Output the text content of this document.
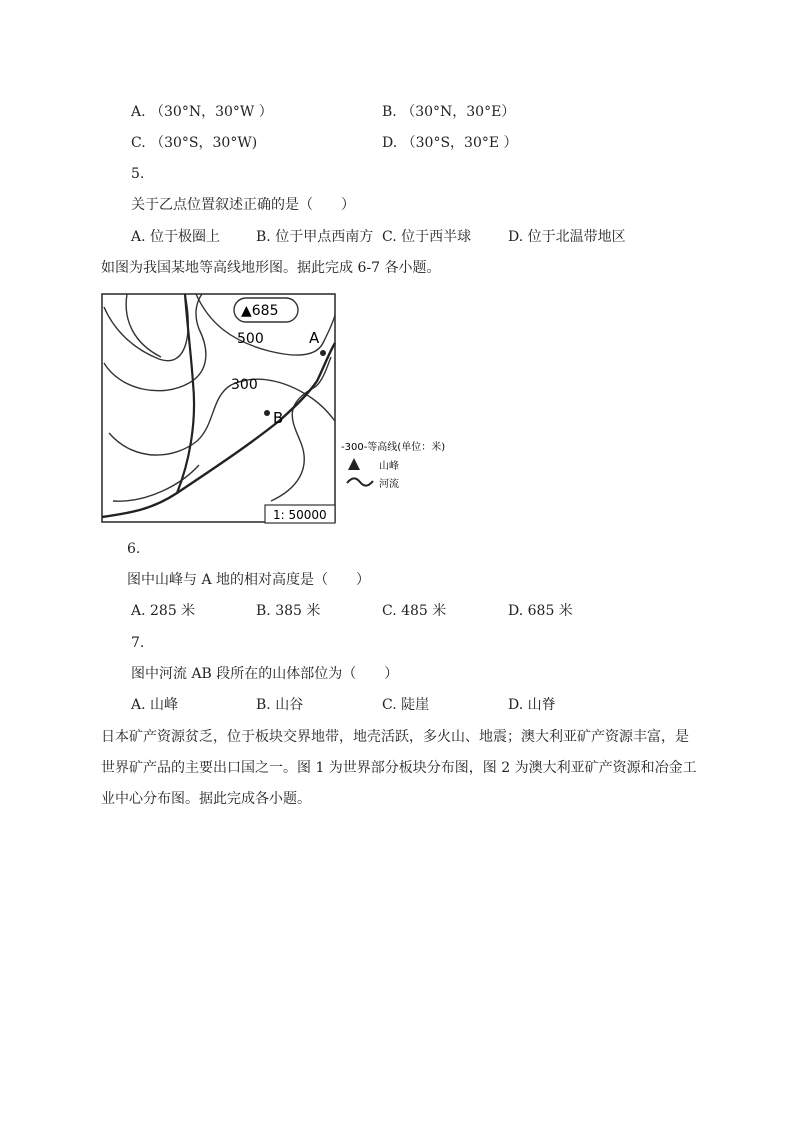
A. （30°N，30°W ）	B. （30°N，30°E）
C. （30°S，30°W)	D. （30°S，30°E ）
5.
关于乙点位置叙述正确的是（　　）
A. 位于极圈上	B. 位于甲点西南方 C. 位于西半球	D. 位于北温带地区
如图为我国某地等高线地形图。据此完成 6-7 各小题。
▲685
500
300
A
B
1: 50000
-300-等高线(单位：米)
山峰
河流
6.
图中山峰与 A 地的相对高度是（　　）
A. 285 米	B. 385 米	C. 485 米	D. 685 米
7.
图中河流 AB 段所在的山体部位为（　　）
A. 山峰	B. 山谷	C. 陡崖	D. 山脊
日本矿产资源贫乏，位于板块交界地带，地壳活跃，多火山、地震；澳大利亚矿产资源丰富，是
世界矿产品的主要出口国之一。图 1 为世界部分板块分布图，图 2 为澳大利亚矿产资源和冶金工
业中心分布图。据此完成各小题。
